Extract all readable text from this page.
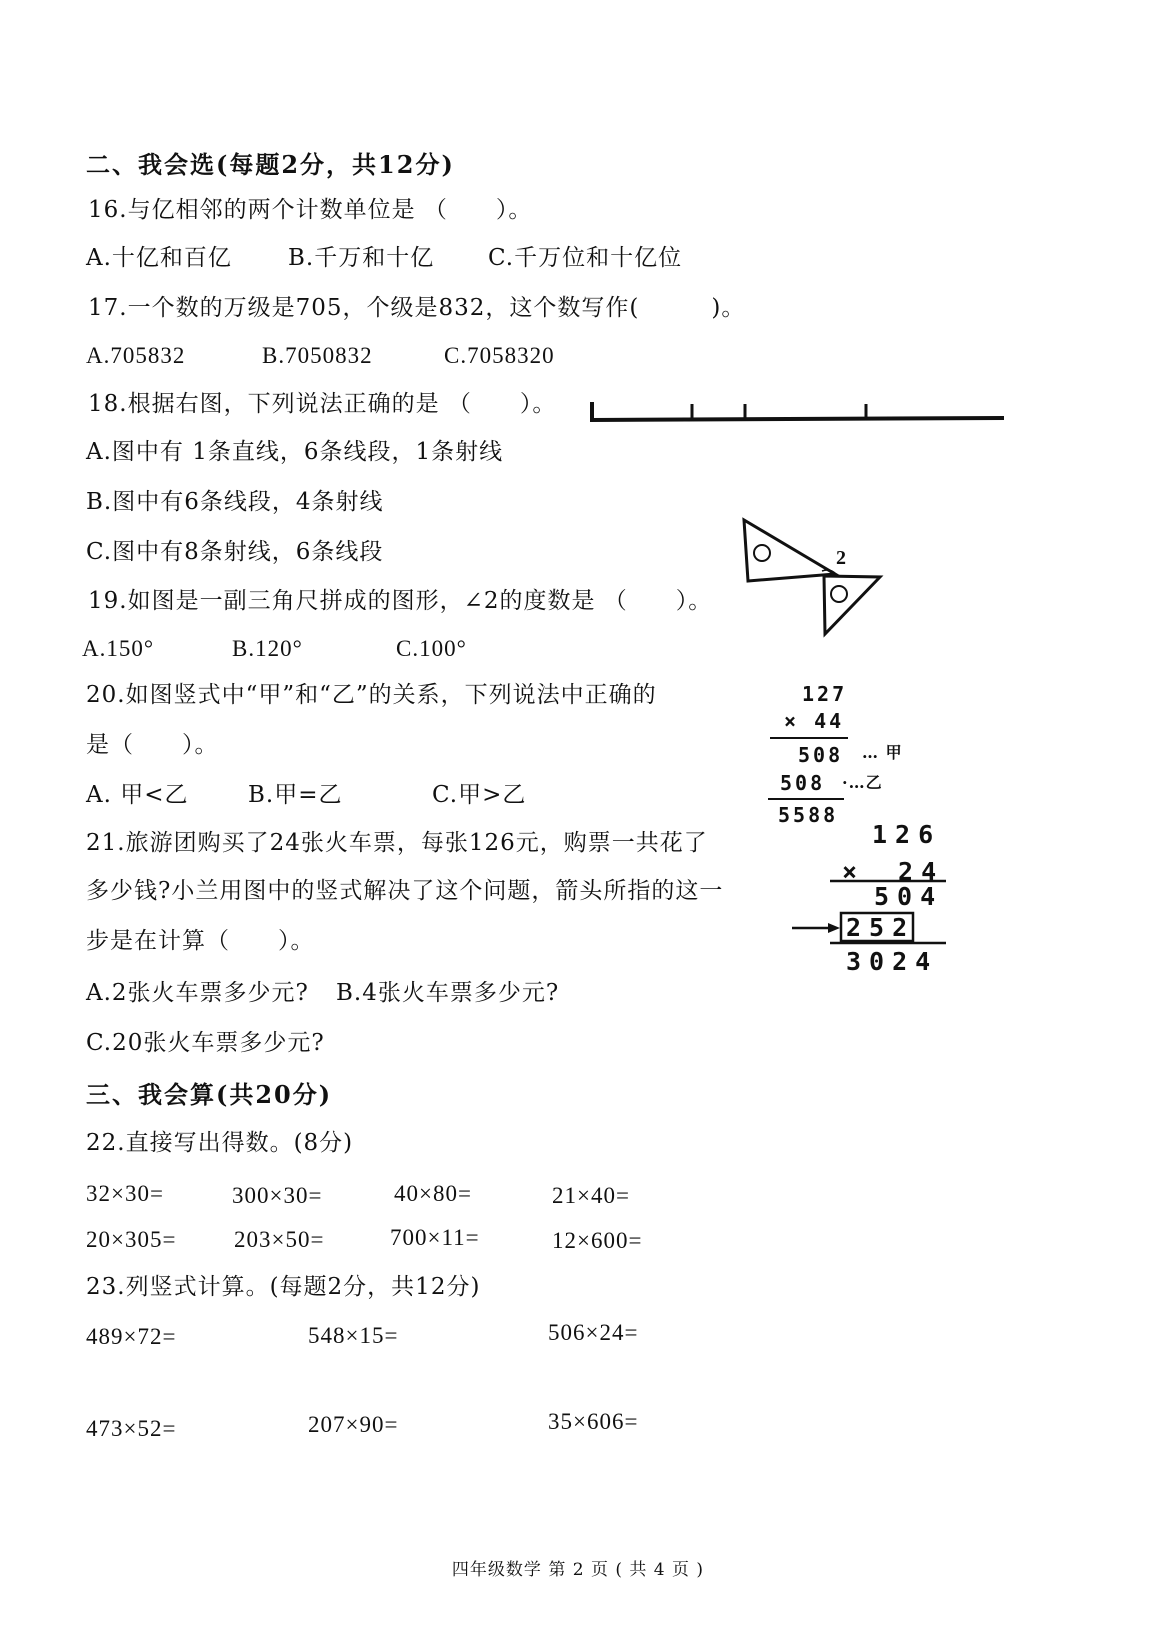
二、我会选(每题2分，共12分)
16.与亿相邻的两个计数单位是 （　　）。
A.十亿和百亿 B.千万和十亿 C.千万位和十亿位
17.一个数的万级是705，个级是832，这个数写作(　　　)。
A.705832	B.7050832	C.7058320
18.根据右图，下列说法正确的是 （　　）。
A.图中有 1条直线，6条线段，1条射线
B.图中有6条线段，4条射线
C.图中有8条射线，6条线段	2
19.如图是一副三角尺拼成的图形，∠2的度数是 （　　）。
A.150°	B.120°	C.100°
20.如图竖式中“甲”和“乙”的关系，下列说法中正确的
是（　　）。
A. 甲<乙	B.甲=乙	C.甲>乙
127
× 44
508 … 甲
508 ·…乙
5588
21.旅游团购买了24张火车票，每张126元，购票一共花了
多少钱?小兰用图中的竖式解决了这个问题，箭头所指的这一
步是在计算（　　）。
A.2张火车票多少元? B.4张火车票多少元?
C.20张火车票多少元?
126
×　24
504
252
3024
三、我会算(共20分)
22.直接写出得数。(8分)
32×30=	300×30=	40×80=	21×40=
20×305=	203×50=	700×11=	12×600=
23.列竖式计算。(每题2分，共12分)
489×72=	548×15=	506×24=
473×52=	207×90=	35×606=
四年级数学 第 2 页 ( 共 4 页 )
